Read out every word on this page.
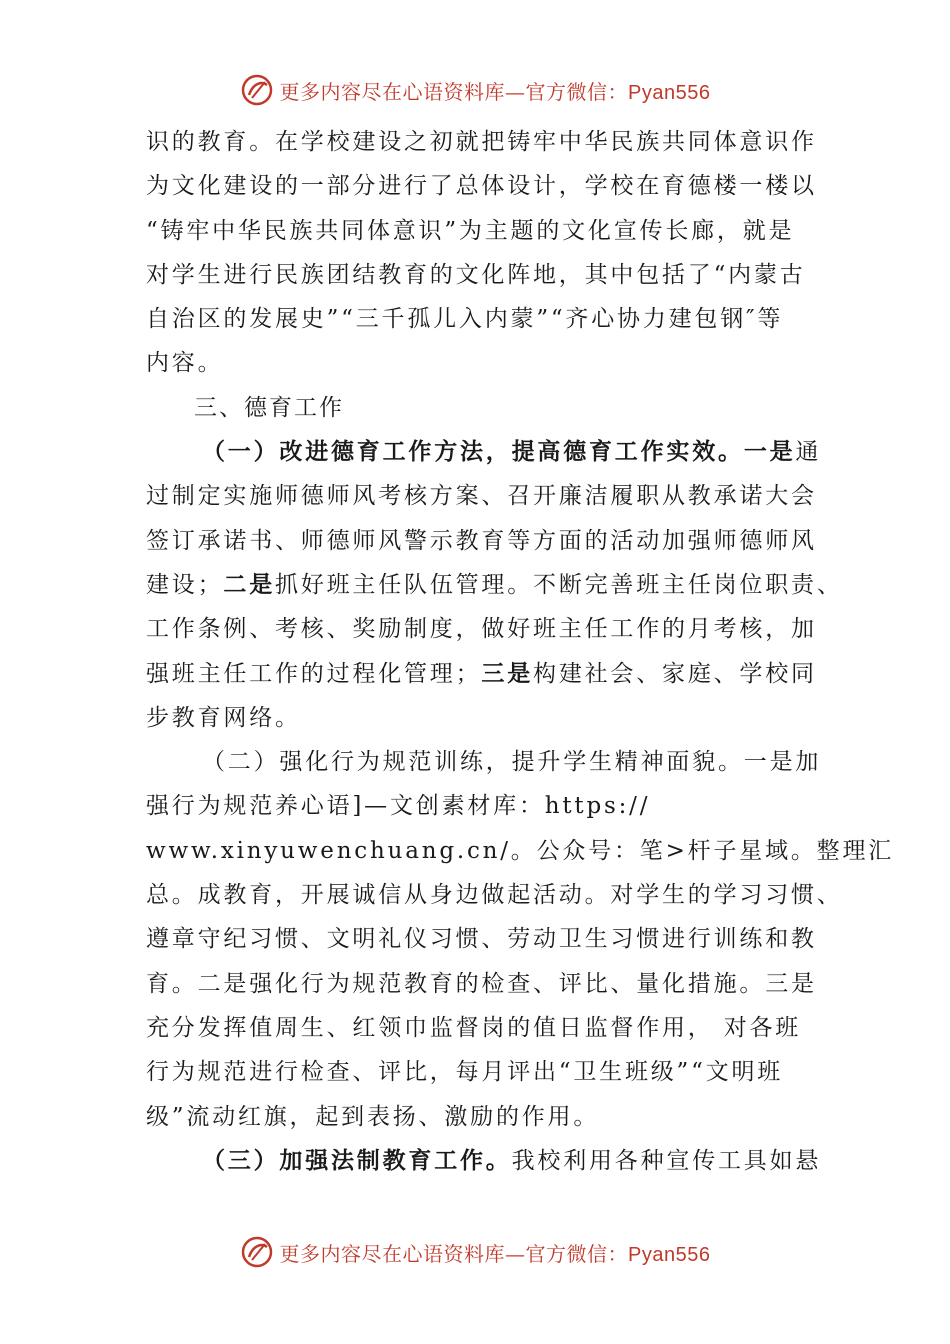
更多内容尽在心语资料库—官方微信：Pyan556
识的教育。在学校建设之初就把铸牢中华民族共同体意识作
为文化建设的一部分进行了总体设计，学校在育德楼一楼以
“铸牢中华民族共同体意识”为主题的文化宣传长廊，就是
对学生进行民族团结教育的文化阵地，其中包括了“内蒙古
自治区的发展史”“三千孤儿入内蒙”“齐心协力建包钢″等
内容。
三、德育工作
（一）改进德育工作方法，提高德育工作实效。一是通
过制定实施师德师风考核方案、召开廉洁履职从教承诺大会
签订承诺书、师德师风警示教育等方面的活动加强师德师风
建设；二是抓好班主任队伍管理。不断完善班主任岗位职责、
工作条例、考核、奖励制度，做好班主任工作的月考核，加
强班主任工作的过程化管理；三是构建社会、家庭、学校同
步教育网络。
（二）强化行为规范训练，提升学生精神面貌。一是加
强行为规范养心语]—文创素材库：https://
www.xinyuwenchuang.cn/。公众号：笔>杆子星域。整理汇
总。成教育，开展诚信从身边做起活动。对学生的学习习惯、
遵章守纪习惯、文明礼仪习惯、劳动卫生习惯进行训练和教
育。二是强化行为规范教育的检查、评比、量化措施。三是
充分发挥值周生、红领巾监督岗的值日监督作用， 对各班
行为规范进行检查、评比，每月评出“卫生班级”“文明班
级”流动红旗，起到表扬、激励的作用。
（三）加强法制教育工作。我校利用各种宣传工具如悬
更多内容尽在心语资料库—官方微信：Pyan556
